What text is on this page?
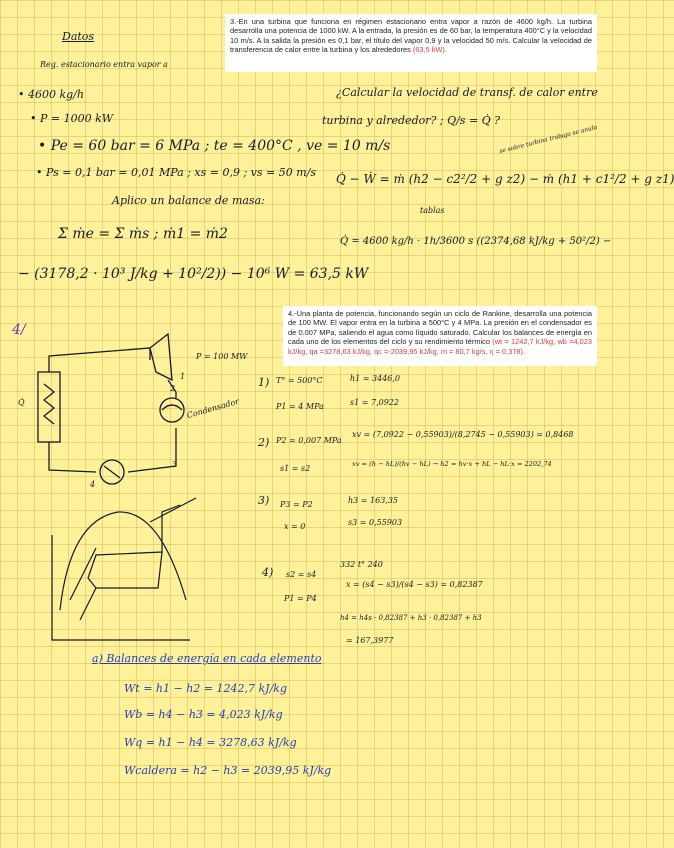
3.-En una turbina que funciona en régimen estacionario entra vapor a razón de 4600 kg/h. La turbina desarrolla una potencia de 1000 kW. A la entrada, la presión es de 60 bar, la temperatura 400°C y la velocidad 10 m/s. A la salida la presión es 0,1 bar, el título del vapor 0,9 y la velocidad 50 m/s. Calcular la velocidad de transferencia de calor entre la turbina y los alrededores (63,5 kW).
4.-Una planta de potencia, funcionando según un ciclo de Rankine, desarrolla una potencia de 100 MW. El vapor entra en la turbina a 500°C y 4 MPa. La presión en el condensador es de 0.007 MPa, saliendo el agua como líquido saturado. Calcular los balances de energía en cada uno de los elementos del ciclo y su rendimiento térmico (wt = 1242,7 kJ/kg, wb =4,023 kJ/kg, qa =3278,63 kJ/kg, qc =-2039,95 kJ/kg, m = 80,7 kg/s, η = 0,378).
Datos
Reg. estacionario entra vapor a
• 4600 kg/h
• P = 1000 kW
• Pe = 60 bar = 6 MPa ; te = 400°C , ve = 10 m/s
• Ps = 0,1 bar = 0,01 MPa ; xs = 0,9 ; vs = 50 m/s
Aplico un balance de masa:
Σ ṁe = Σ ṁs ; ṁ1 = ṁ2
¿Calcular la velocidad de transf. de calor entre
turbina y alrededor? ; Q/s = Q̇ ?
se sobre turbina trabajo se anula
Q̇ − Ẇ = ṁ (h2 − c2²/2 + g z2) − ṁ (h1 + c1²/2 + g z1)
tablas
Q̇ = 4600 kg/h · 1h/3600 s ((2374,68 kJ/kg + 50²/2) −
− (3178,2 · 10³ J/kg + 10²/2)) − 10⁶ W = 63,5 kW
4/
P = 100 MW
Q̇	Condensador
1
2
3
4
1) T° = 500°C
P1 = 4 MPa
h1 = 3446,0
s1 = 7,0922
2) P2 = 0,007 MPa
s1 = s2
xv = (7,0922 − 0,55903)/(8,2745 − 0,55903) = 0,8468
xv = (h − hL)/(hv − hL) → h2 = hv·x + hL − hL·x = 2202,74
3) P3 = P2
x = 0
h3 = 163,35
s3 = 0,55903
4) s2 = s4
P1 = P4
332 t° 240
x = (s4 − s3)/(s4 − s3) = 0,82387
h4 = h4s · 0,82387 + h3 · 0,82387 + h3
= 167,3977
a) Balances de energía en cada elemento
Wt = h1 − h2 = 1242,7 kJ/kg
Wb = h4 − h3 = 4,023 kJ/kg
Wq = h1 − h4 = 3278,63 kJ/kg
Wcaldera = h2 − h3 = 2039,95 kJ/kg
